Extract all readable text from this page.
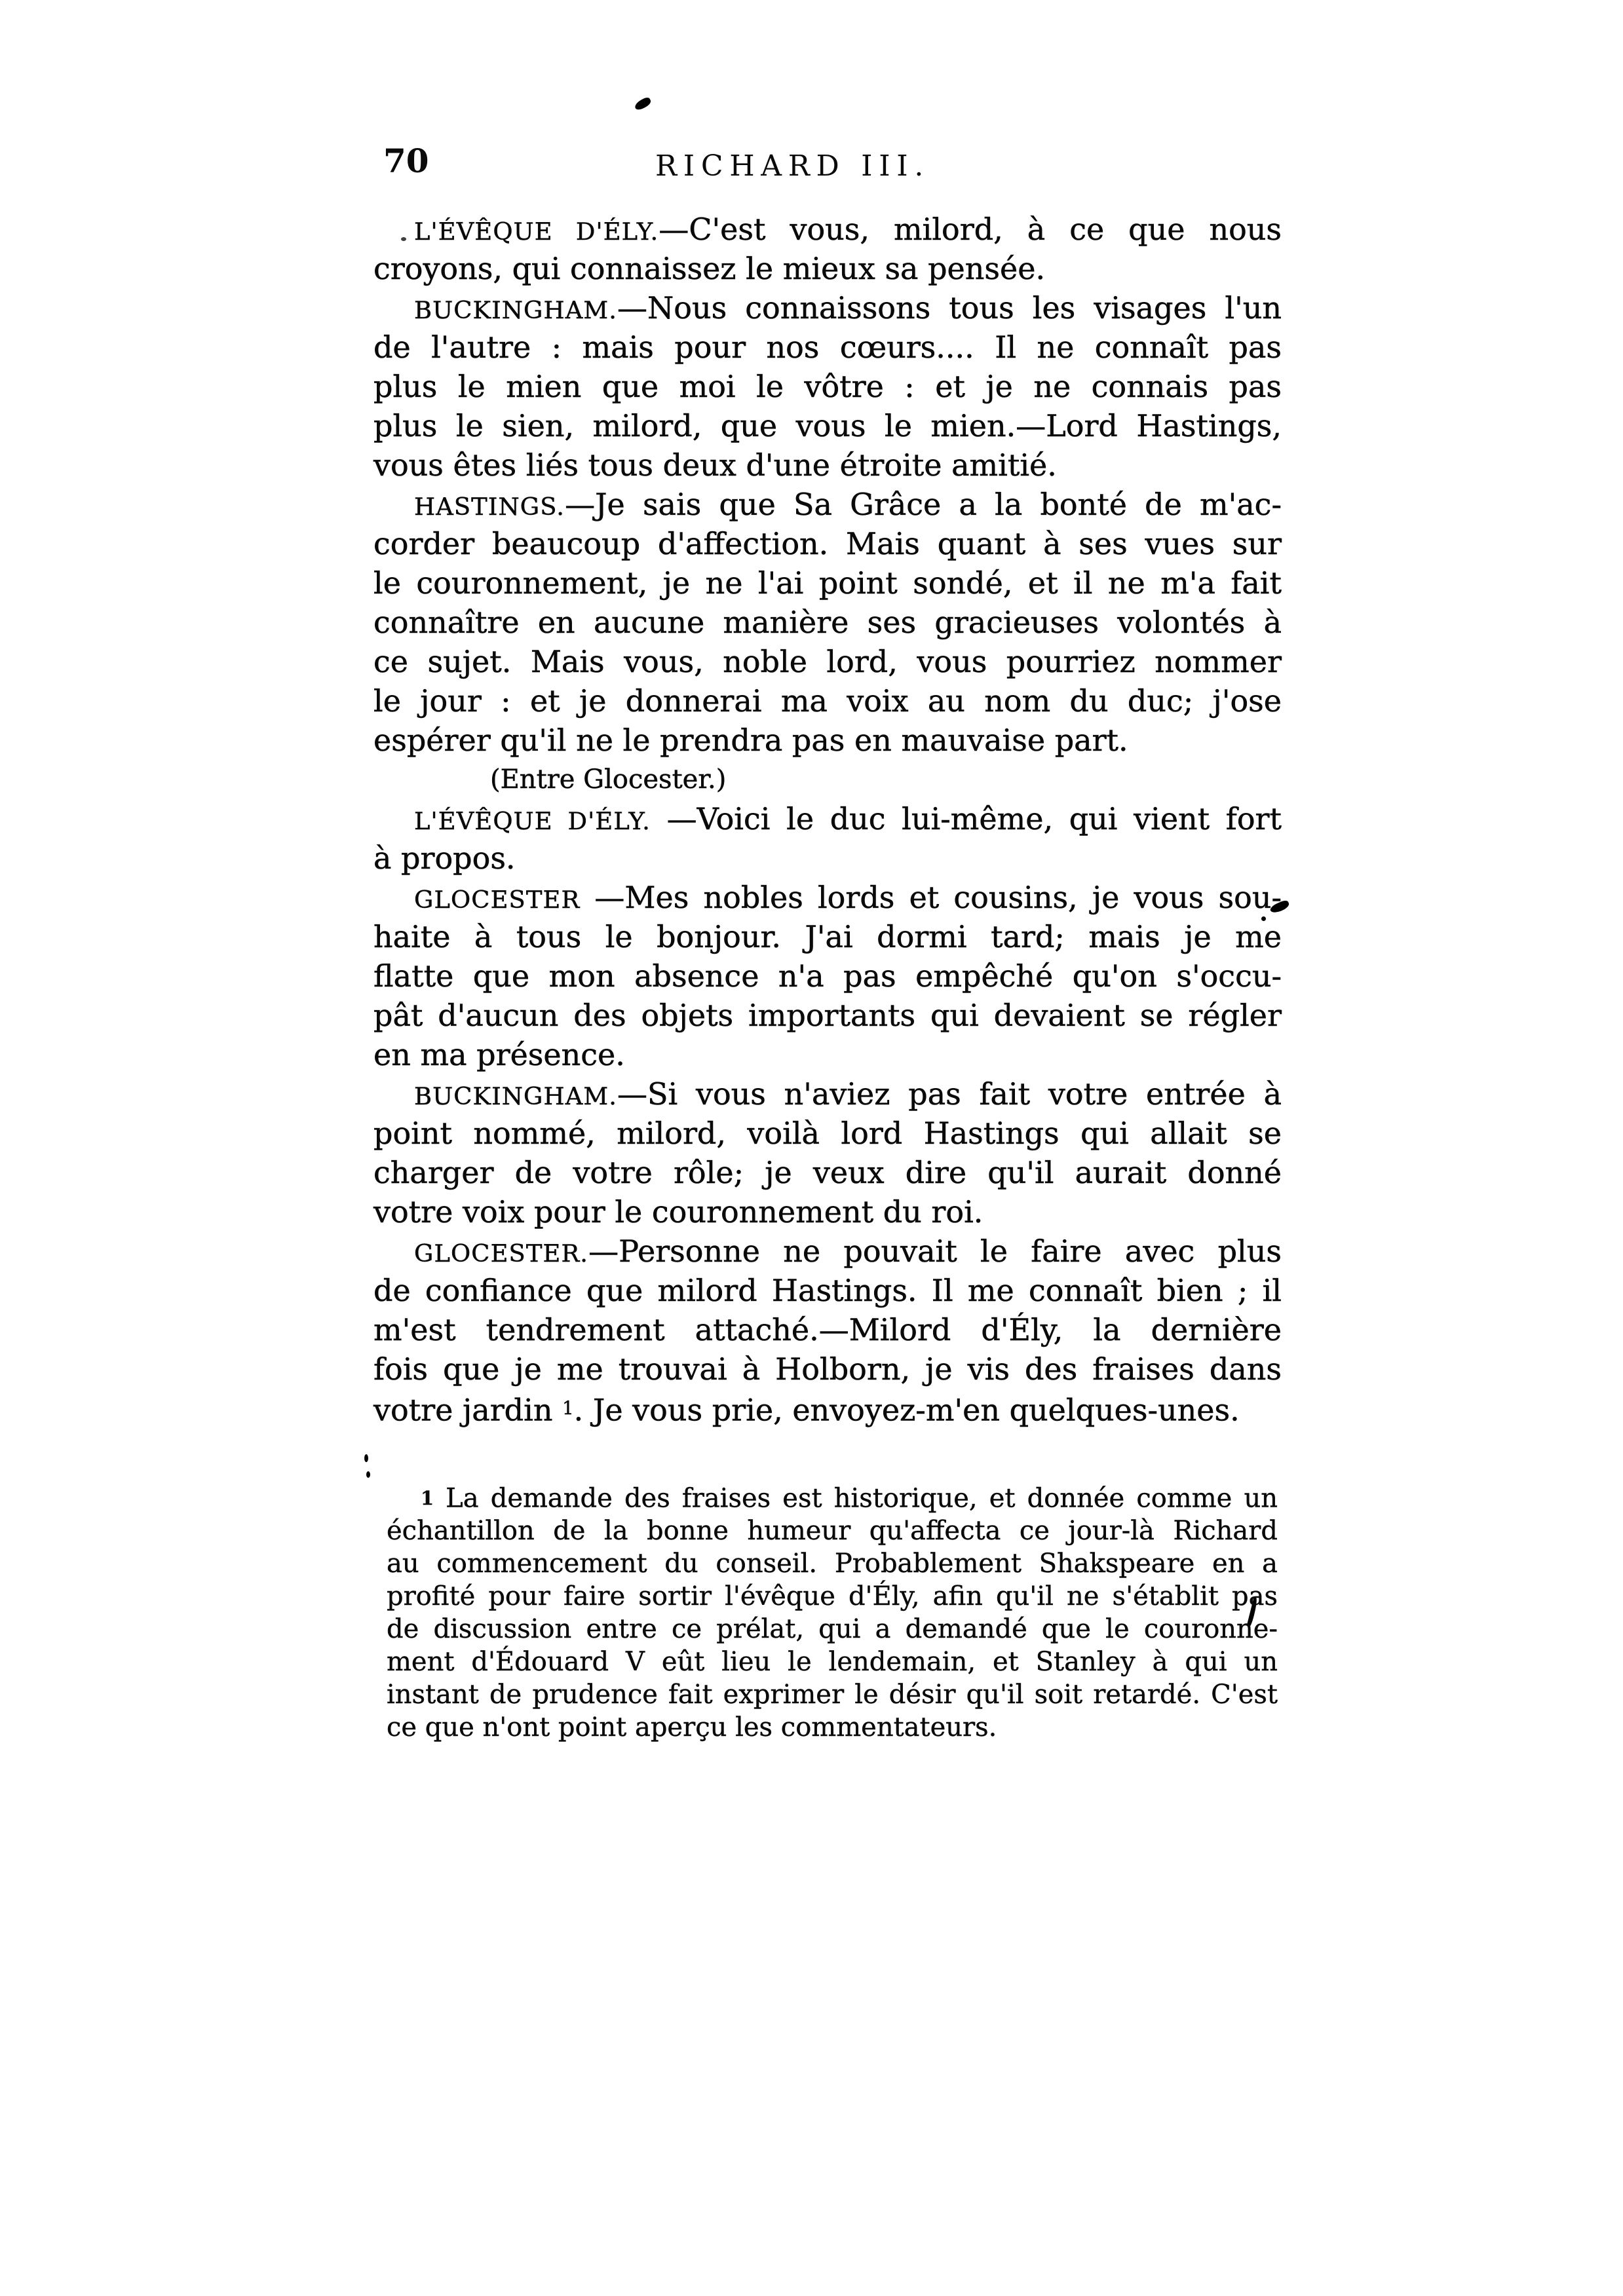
70	RICHARD III.
L'ÉVÊQUE D'ÉLY.—C'est vous, milord, à ce que nous
croyons, qui connaissez le mieux sa pensée.
BUCKINGHAM.—Nous connaissons tous les visages l'un
de l'autre : mais pour nos cœurs.... Il ne connaît pas
plus le mien que moi le vôtre : et je ne connais pas
plus le sien, milord, que vous le mien.—Lord Hastings,
vous êtes liés tous deux d'une étroite amitié.
HASTINGS.—Je sais que Sa Grâce a la bonté de m'ac-
corder beaucoup d'affection. Mais quant à ses vues sur
le couronnement, je ne l'ai point sondé, et il ne m'a fait
connaître en aucune manière ses gracieuses volontés à
ce sujet. Mais vous, noble lord, vous pourriez nommer
le jour : et je donnerai ma voix au nom du duc; j'ose
espérer qu'il ne le prendra pas en mauvaise part.
(Entre Glocester.)
L'ÉVÊQUE D'ÉLY. —Voici le duc lui-même, qui vient fort
à propos.
GLOCESTER —Mes nobles lords et cousins, je vous sou-
haite à tous le bonjour. J'ai dormi tard; mais je me
flatte que mon absence n'a pas empêché qu'on s'occu-
pât d'aucun des objets importants qui devaient se régler
en ma présence.
BUCKINGHAM.—Si vous n'aviez pas fait votre entrée à
point nommé, milord, voilà lord Hastings qui allait se
charger de votre rôle; je veux dire qu'il aurait donné
votre voix pour le couronnement du roi.
GLOCESTER.—Personne ne pouvait le faire avec plus
de confiance que milord Hastings. Il me connaît bien ; il
m'est tendrement attaché.—Milord d'Ély, la dernière
fois que je me trouvai à Holborn, je vis des fraises dans
votre jardin $^1$. Je vous prie, envoyez-m'en quelques-unes.
$^1$ La demande des fraises est historique, et donnée comme un
échantillon de la bonne humeur qu'affecta ce jour-là Richard
au commencement du conseil. Probablement Shakspeare en a
profité pour faire sortir l'évêque d'Ély, afin qu'il ne s'établit pas
de discussion entre ce prélat, qui a demandé que le couronne-
ment d'Édouard V eût lieu le lendemain, et Stanley à qui un
instant de prudence fait exprimer le désir qu'il soit retardé. C'est
ce que n'ont point aperçu les commentateurs.
